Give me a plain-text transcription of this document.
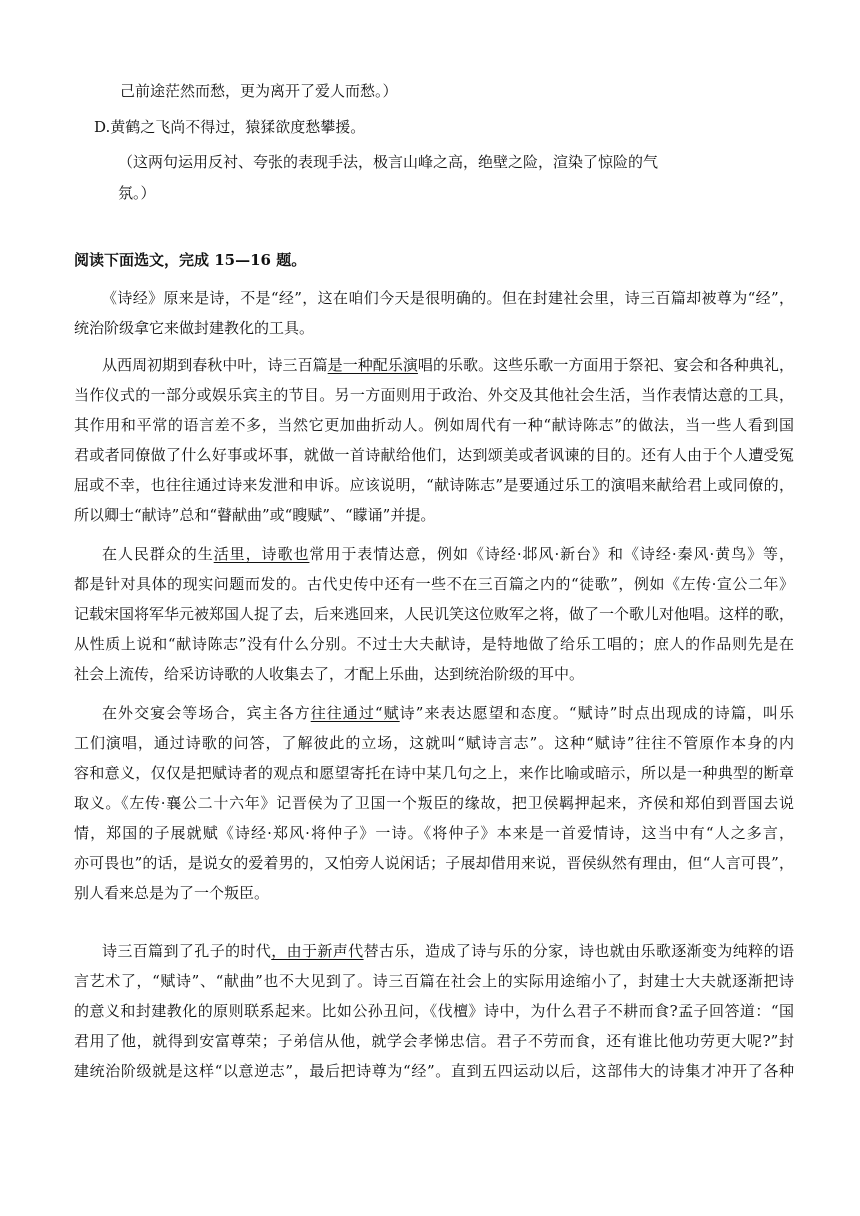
己前途茫然而愁，更为离开了爱人而愁。）
D.黄鹤之飞尚不得过，猿猱欲度愁攀援。
（这两句运用反衬、夸张的表现手法，极言山峰之高，绝壁之险，渲染了惊险的气
氛。）
阅读下面选文，完成 15—16 题。
《诗经》原来是诗，不是“经”，这在咱们今天是很明确的。但在封建社会里，诗三百篇却被尊为“经”，
统治阶级拿它来做封建教化的工具。
从西周初期到春秋中叶，诗三百篇是一种配乐演唱的乐歌。这些乐歌一方面用于祭祀、宴会和各种典礼，
当作仪式的一部分或娱乐宾主的节目。另一方面则用于政治、外交及其他社会生活，当作表情达意的工具，
其作用和平常的语言差不多，当然它更加曲折动人。例如周代有一种“献诗陈志”的做法，当一些人看到国
君或者同僚做了什么好事或坏事，就做一首诗献给他们，达到颂美或者讽谏的目的。还有人由于个人遭受冤
屈或不幸，也往往通过诗来发泄和申诉。应该说明，“献诗陈志”是要通过乐工的演唱来献给君上或同僚的，
所以卿士“献诗”总和“瞽献曲”或“瞍赋”、“矇诵”并提。
在人民群众的生活里，诗歌也常用于表情达意，例如《诗经·邶风·新台》和《诗经·秦风·黄鸟》等，
都是针对具体的现实问题而发的。古代史传中还有一些不在三百篇之内的“徒歌”，例如《左传·宣公二年》
记载宋国将军华元被郑国人捉了去，后来逃回来，人民讥笑这位败军之将，做了一个歌儿对他唱。这样的歌，
从性质上说和“献诗陈志”没有什么分别。不过士大夫献诗，是特地做了给乐工唱的；庶人的作品则先是在
社会上流传，给采访诗歌的人收集去了，才配上乐曲，达到统治阶级的耳中。
在外交宴会等场合，宾主各方往往通过“赋诗”来表达愿望和态度。“赋诗”时点出现成的诗篇，叫乐
工们演唱，通过诗歌的问答，了解彼此的立场，这就叫“赋诗言志”。这种“赋诗”往往不管原作本身的内
容和意义，仅仅是把赋诗者的观点和愿望寄托在诗中某几句之上，来作比喻或暗示，所以是一种典型的断章
取义。《左传·襄公二十六年》记晋侯为了卫国一个叛臣的缘故，把卫侯羁押起来，齐侯和郑伯到晋国去说
情，郑国的子展就赋《诗经·郑风·将仲子》一诗。《将仲子》本来是一首爱情诗，这当中有“人之多言，
亦可畏也”的话，是说女的爱着男的，又怕旁人说闲话；子展却借用来说，晋侯纵然有理由，但“人言可畏”，
别人看来总是为了一个叛臣。
诗三百篇到了孔子的时代，由于新声代替古乐，造成了诗与乐的分家，诗也就由乐歌逐渐变为纯粹的语
言艺术了，“赋诗”、“献曲”也不大见到了。诗三百篇在社会上的实际用途缩小了，封建士大夫就逐渐把诗
的意义和封建教化的原则联系起来。比如公孙丑问，《伐檀》诗中，为什么君子不耕而食?孟子回答道：“国
君用了他，就得到安富尊荣；子弟信从他，就学会孝悌忠信。君子不劳而食，还有谁比他功劳更大呢?”封
建统治阶级就是这样“以意逆志”，最后把诗尊为“经”。直到五四运动以后，这部伟大的诗集才冲开了各种
